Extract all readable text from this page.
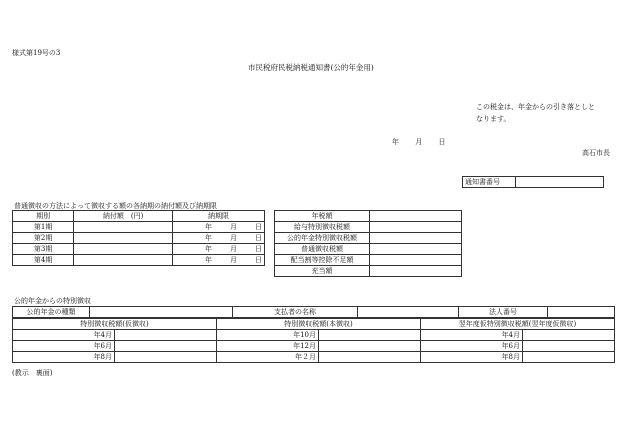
様式第19号の3
市民税府民税納税通知書(公的年金用)
この税金は、年金からの引き落としと
なります。
年 月 日
高石市長
通知書番号	
普通徴収の方法によって徴収する額の各納期の納付額及び納期限
期別	納付額　(円)	納期限
第1期		年 月 日
第2期		年 月 日
第3期		年 月 日
第4期		年 月 日
年税額	
給与特別徴収税額	
公的年金特別徴収税額	
普通徴収税額	
配当割等控除不足額	
充当額	
公的年金からの特別徴収
公的年金の種類		支払者の名称		法人番号	
特別徴収税額(仮徴収)		特別徴収税額(本徴収)		翌年度仮特別徴収税額(翌年度仮徴収)	
年4月		年10月		年4月	
年6月		年12月		年6月	
年8月		年２月		年8月	
(教示　裏面)
